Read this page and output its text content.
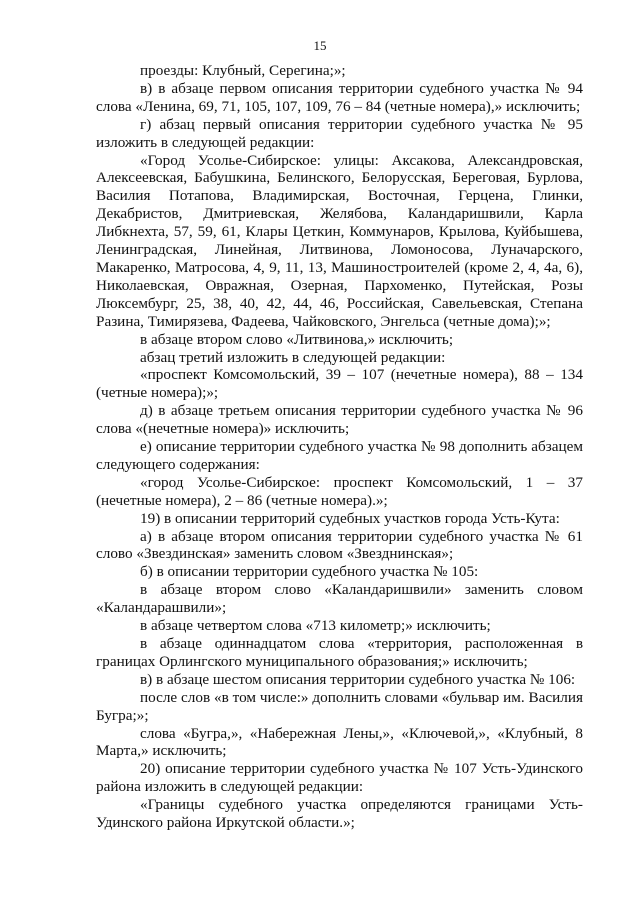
15

проезды: Клубный, Серегина;»;

в) в абзаце первом описания территории судебного участка № 94 слова «Ленина, 69, 71, 105, 107, 109, 76 – 84 (четные номера),» исключить;

г) абзац первый описания территории судебного участка № 95 изложить в следующей редакции:

«Город Усолье-Сибирское: улицы: Аксакова, Александровская, Алексеевская, Бабушкина, Белинского, Белорусская, Береговая, Бурлова, Василия Потапова, Владимирская, Восточная, Герцена, Глинки, Декабристов, Дмитриевская, Желябова, Каландаришвили, Карла Либкнехта, 57, 59, 61, Клары Цеткин, Коммунаров, Крылова, Куйбышева, Ленинградская, Линейная, Литвинова, Ломоносова, Луначарского, Макаренко, Матросова, 4, 9, 11, 13, Машиностроителей (кроме 2, 4, 4а, 6), Николаевская, Овражная, Озерная, Пархоменко, Путейская, Розы Люксембург, 25, 38, 40, 42, 44, 46, Российская, Савельевская, Степана Разина, Тимирязева, Фадеева, Чайковского, Энгельса (четные дома);»;

в абзаце втором слово «Литвинова,» исключить;

абзац третий изложить в следующей редакции:

«проспект Комсомольский, 39 – 107 (нечетные номера), 88 – 134 (четные номера);»;

д) в абзаце третьем описания территории судебного участка № 96 слова «(нечетные номера)» исключить;

е) описание территории судебного участка № 98 дополнить абзацем следующего содержания:

«город Усолье-Сибирское: проспект Комсомольский, 1 – 37 (нечетные номера), 2 – 86 (четные номера).»;

19) в описании территорий судебных участков города Усть-Кута:

а) в абзаце втором описания территории судебного участка № 61 слово «Звездинская» заменить словом «Звезднинская»;

б) в описании территории судебного участка № 105:

в абзаце втором слово «Каландаришвили» заменить словом «Каландарашвили»;

в абзаце четвертом слова «713 километр;» исключить;

в абзаце одиннадцатом слова «территория, расположенная в границах Орлингского муниципального образования;» исключить;

в) в абзаце шестом описания территории судебного участка № 106:

после слов «в том числе:» дополнить словами «бульвар им. Василия Бугра;»;

слова «Бугра,», «Набережная Лены,», «Ключевой,», «Клубный, 8 Марта,» исключить;

20) описание территории судебного участка № 107 Усть-Удинского района изложить в следующей редакции:

«Границы судебного участка определяются границами Усть-Удинского района Иркутской области.»;
